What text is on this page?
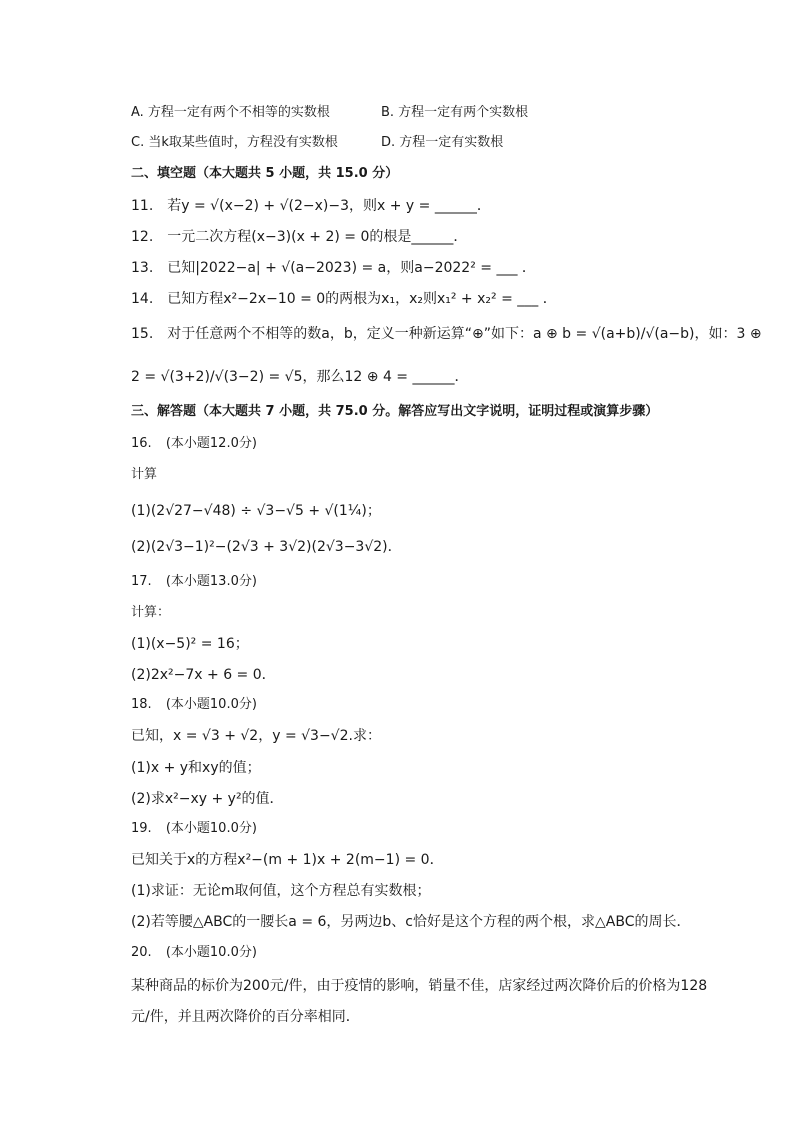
A. 方程一定有两个不相等的实数根	B. 方程一定有两个实数根
C. 当k取某些值时，方程没有实数根	D. 方程一定有实数根
二、填空题（本大题共 5 小题，共 15.0 分）
11. 若y = √(x−2) + √(2−x)−3，则x + y = ______．
12. 一元二次方程(x−3)(x + 2) = 0的根是______．
13. 已知|2022−a| + √(a−2023) = a，则a−2022² = ___ ．
14. 已知方程x²−2x−10 = 0的两根为x₁，x₂则x₁² + x₂² = ___ ．
15. 对于任意两个不相等的数a，b，定义一种新运算“⊕”如下：a ⊕ b = √(a+b)/√(a−b)，如：3 ⊕
2 = √(3+2)/√(3−2) = √5，那么12 ⊕ 4 = ______．
三、解答题（本大题共 7 小题，共 75.0 分。解答应写出文字说明，证明过程或演算步骤）
16. (本小题12.0分)
计算
(1)(2√27−√48) ÷ √3−√5 + √(1¼)；
(2)(2√3−1)²−(2√3 + 3√2)(2√3−3√2)．
17. (本小题13.0分)
计算：
(1)(x−5)² = 16；
(2)2x²−7x + 6 = 0．
18. (本小题10.0分)
已知，x = √3 + √2，y = √3−√2.求：
(1)x + y和xy的值；
(2)求x²−xy + y²的值．
19. (本小题10.0分)
已知关于x的方程x²−(m + 1)x + 2(m−1) = 0．
(1)求证：无论m取何值，这个方程总有实数根；
(2)若等腰△ABC的一腰长a = 6，另两边b、c恰好是这个方程的两个根，求△ABC的周长．
20. (本小题10.0分)
某种商品的标价为200元/件，由于疫情的影响，销量不佳，店家经过两次降价后的价格为128
元/件，并且两次降价的百分率相同．
